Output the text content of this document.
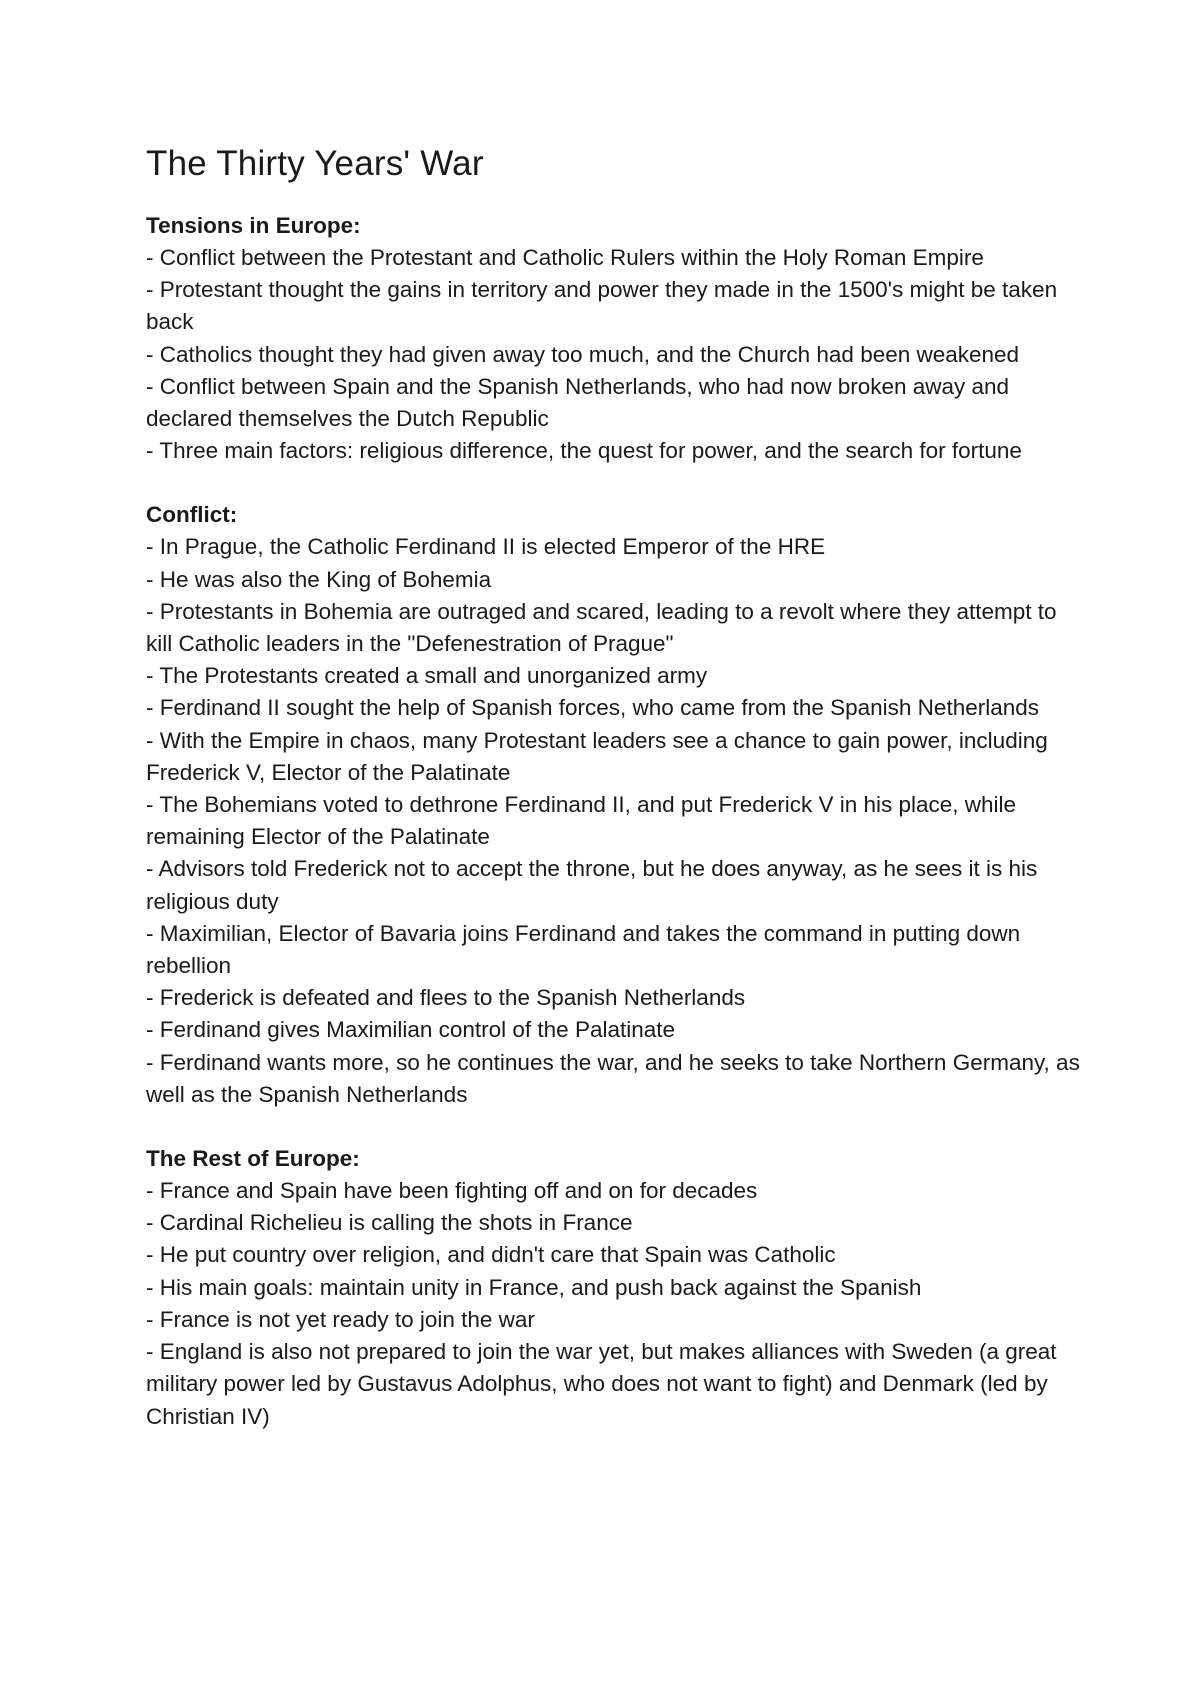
The Thirty Years' War
Tensions in Europe:
- Conflict between the Protestant and Catholic Rulers within the Holy Roman Empire
- Protestant thought the gains in territory and power they made in the 1500's might be taken back
- Catholics thought they had given away too much, and the Church had been weakened
- Conflict between Spain and the Spanish Netherlands, who had now broken away and declared themselves the Dutch Republic
- Three main factors: religious difference, the quest for power, and the search for fortune
Conflict:
- In Prague, the Catholic Ferdinand II is elected Emperor of the HRE
- He was also the King of Bohemia
- Protestants in Bohemia are outraged and scared, leading to a revolt where they attempt to kill Catholic leaders in the "Defenestration of Prague"
- The Protestants created a small and unorganized army
- Ferdinand II sought the help of Spanish forces, who came from the Spanish Netherlands
- With the Empire in chaos, many Protestant leaders see a chance to gain power, including Frederick V, Elector of the Palatinate
- The Bohemians voted to dethrone Ferdinand II, and put Frederick V in his place, while remaining Elector of the Palatinate
- Advisors told Frederick not to accept the throne, but he does anyway, as he sees it is his religious duty
- Maximilian, Elector of Bavaria joins Ferdinand and takes the command in putting down rebellion
- Frederick is defeated and flees to the Spanish Netherlands
- Ferdinand gives Maximilian control of the Palatinate
- Ferdinand wants more, so he continues the war, and he seeks to take Northern Germany, as well as the Spanish Netherlands
The Rest of Europe:
- France and Spain have been fighting off and on for decades
- Cardinal Richelieu is calling the shots in France
- He put country over religion, and didn't care that Spain was Catholic
- His main goals: maintain unity in France, and push back against the Spanish
- France is not yet ready to join the war
- England is also not prepared to join the war yet, but makes alliances with Sweden (a great military power led by Gustavus Adolphus, who does not want to fight) and Denmark (led by Christian IV)
